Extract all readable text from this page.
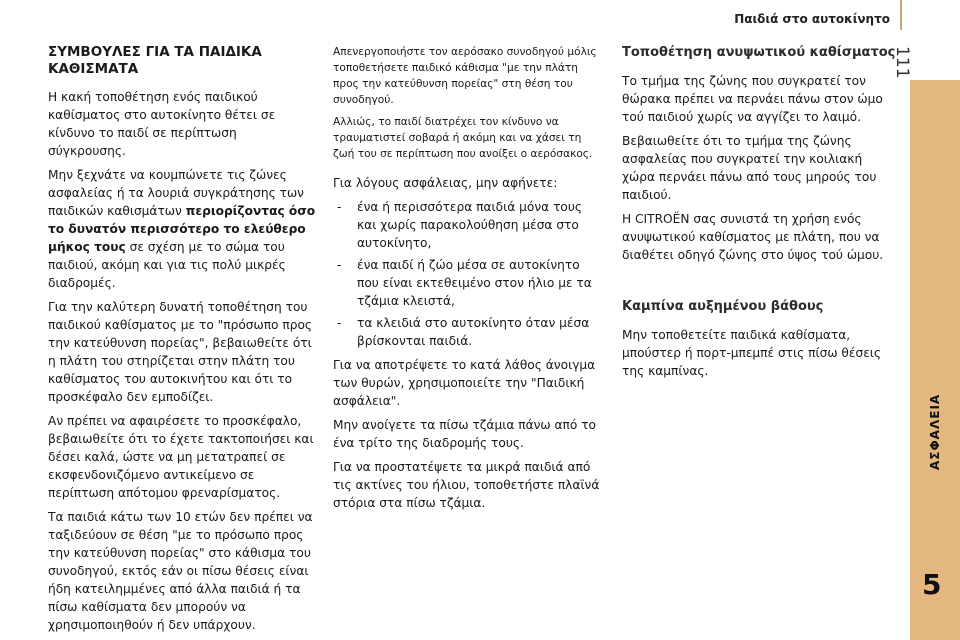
Παιδιά στο αυτοκίνητο
111
ΑΣΦΑΛΕΙΑ
5
ΣΥΜΒΟΥΛΕΣ ΓΙΑ ΤΑ ΠΑΙΔΙΚΑ ΚΑΘΙΣΜΑΤΑ

Η κακή τοποθέτηση ενός παιδικού καθίσματος στο αυτοκίνητο θέτει σε κίνδυνο το παιδί σε περίπτωση σύγκρουσης.

Μην ξεχνάτε να κουμπώνετε τις ζώνες ασφαλείας ή τα λουριά συγκράτησης των παιδικών καθισμάτων περιορίζοντας όσο το δυνατόν περισσότερο το ελεύθερο μήκος τους σε σχέση με το σώμα του παιδιού, ακόμη και για τις πολύ μικρές διαδρομές.

Για την καλύτερη δυνατή τοποθέτηση του παιδικού καθίσματος με το "πρόσωπο προς την κατεύθυνση πορείας", βεβαιωθείτε ότι η πλάτη του στηρίζεται στην πλάτη του καθίσματος του αυτοκινήτου και ότι το προσκέφαλο δεν εμποδίζει.

Αν πρέπει να αφαιρέσετε το προσκέφαλο, βεβαιωθείτε ότι το έχετε τακτοποιήσει και δέσει καλά, ώστε να μη μετατραπεί σε εκσφενδονιζόμενο αντικείμενο σε περίπτωση απότομου φρεναρίσματος.

Τα παιδιά κάτω των 10 ετών δεν πρέπει να ταξιδεύουν σε θέση "με το πρόσωπο προς την κατεύθυνση πορείας" στο κάθισμα του συνοδηγού, εκτός εάν οι πίσω θέσεις είναι ήδη κατειλημμένες από άλλα παιδιά ή τα πίσω καθίσματα δεν μπορούν να χρησιμοποιηθούν ή δεν υπάρχουν.

Απενεργοποιήστε τον αερόσακο συνοδηγού μόλις τοποθετήσετε παιδικό κάθισμα "με την πλάτη προς την κατεύθυνση πορείας" στη θέση του συνοδηγού.

Αλλιώς, το παιδί διατρέχει τον κίνδυνο να τραυματιστεί σοβαρά ή ακόμη και να χάσει τη ζωή του σε περίπτωση που ανοίξει ο αερόσακος.

Για λόγους ασφάλειας, μην αφήνετε:

- ένα ή περισσότερα παιδιά μόνα τους και χωρίς παρακολούθηση μέσα στο αυτοκίνητο,
- ένα παιδί ή ζώο μέσα σε αυτοκίνητο που είναι εκτεθειμένο στον ήλιο με τα τζάμια κλειστά,
- τα κλειδιά στο αυτοκίνητο όταν μέσα βρίσκονται παιδιά.

Για να αποτρέψετε το κατά λάθος άνοιγμα των θυρών, χρησιμοποιείτε την "Παιδική ασφάλεια".

Μην ανοίγετε τα πίσω τζάμια πάνω από το ένα τρίτο της διαδρομής τους.

Για να προστατέψετε τα μικρά παιδιά από τις ακτίνες του ήλιου, τοποθετήστε πλαϊνά στόρια στα πίσω τζάμια.

Τοποθέτηση ανυψωτικού καθίσματος

Το τμήμα της ζώνης που συγκρατεί τον θώρακα πρέπει να περνάει πάνω στον ώμο τού παιδιού χωρίς να αγγίζει το λαιμό.

Βεβαιωθείτε ότι το τμήμα της ζώνης ασφαλείας που συγκρατεί την κοιλιακή χώρα περνάει πάνω από τους μηρούς του παιδιού.

Η CITROËN σας συνιστά τη χρήση ενός ανυψωτικού καθίσματος με πλάτη, που να διαθέτει οδηγό ζώνης στο ύψος τού ώμου.

Καμπίνα αυξημένου βάθους

Μην τοποθετείτε παιδικά καθίσματα, μπούστερ ή πορτ-μπεμπέ στις πίσω θέσεις της καμπίνας.
